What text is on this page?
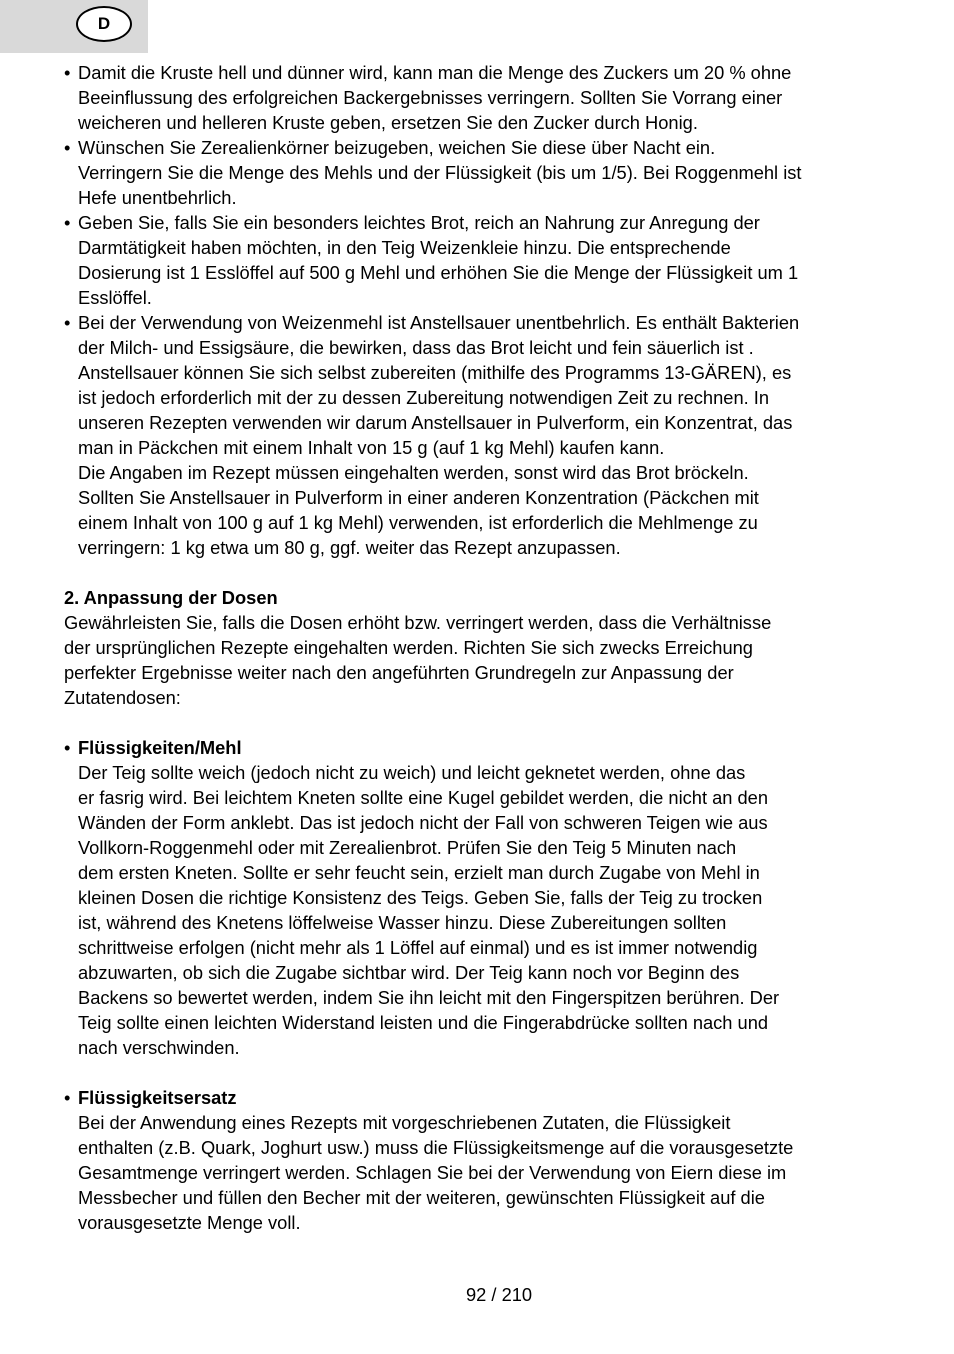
D
• Damit die Kruste hell und dünner wird, kann man die Menge des Zuckers um 20 % ohne
Beeinflussung des erfolgreichen Backergebnisses verringern. Sollten Sie Vorrang einer
weicheren und helleren Kruste geben, ersetzen Sie den Zucker durch Honig.
• Wünschen Sie Zerealienkörner beizugeben, weichen Sie diese über Nacht ein.
Verringern Sie die Menge des Mehls und der Flüssigkeit (bis um 1/5). Bei Roggenmehl ist
Hefe unentbehrlich.
• Geben Sie, falls Sie ein besonders leichtes Brot, reich an Nahrung zur Anregung der
Darmtätigkeit haben möchten, in den Teig Weizenkleie hinzu. Die entsprechende
Dosierung ist 1 Esslöffel auf 500 g Mehl und erhöhen Sie die Menge der Flüssigkeit um 1
Esslöffel.
• Bei der Verwendung von Weizenmehl ist Anstellsauer unentbehrlich. Es enthält Bakterien
der Milch- und Essigsäure, die bewirken, dass das Brot leicht und fein säuerlich ist .
Anstellsauer können Sie sich selbst zubereiten (mithilfe des Programms 13-GÄREN), es
ist jedoch erforderlich mit der zu dessen Zubereitung notwendigen Zeit zu rechnen. In
unseren Rezepten verwenden wir darum Anstellsauer in Pulverform, ein Konzentrat, das
man in Päckchen mit einem Inhalt von 15 g (auf 1 kg Mehl) kaufen kann.
Die Angaben im Rezept müssen eingehalten werden, sonst wird das Brot bröckeln.
Sollten Sie Anstellsauer in Pulverform in einer anderen Konzentration (Päckchen mit
einem Inhalt von 100 g auf 1 kg Mehl) verwenden, ist erforderlich die Mehlmenge zu
verringern: 1 kg etwa um 80 g, ggf. weiter das Rezept anzupassen.
2. Anpassung der Dosen
Gewährleisten Sie, falls die Dosen erhöht bzw. verringert werden, dass die Verhältnisse
der ursprünglichen Rezepte eingehalten werden. Richten Sie sich zwecks Erreichung
perfekter Ergebnisse weiter nach den angeführten Grundregeln zur Anpassung der
Zutatendosen:
• Flüssigkeiten/Mehl
Der Teig sollte weich (jedoch nicht zu weich) und leicht geknetet werden, ohne das
er fasrig wird. Bei leichtem Kneten sollte eine Kugel gebildet werden, die nicht an den
Wänden der Form anklebt. Das ist jedoch nicht der Fall von schweren Teigen wie aus
Vollkorn-Roggenmehl oder mit Zerealienbrot. Prüfen Sie den Teig 5 Minuten nach
dem ersten Kneten. Sollte er sehr feucht sein, erzielt man durch Zugabe von Mehl in
kleinen Dosen die richtige Konsistenz des Teigs. Geben Sie, falls der Teig zu trocken
ist, während des Knetens löffelweise Wasser hinzu. Diese Zubereitungen sollten
schrittweise erfolgen (nicht mehr als 1 Löffel auf einmal) und es ist immer notwendig
abzuwarten, ob sich die Zugabe sichtbar wird. Der Teig kann noch vor Beginn des
Backens so bewertet werden, indem Sie ihn leicht mit den Fingerspitzen berühren. Der
Teig sollte einen leichten Widerstand leisten und die Fingerabdrücke sollten nach und
nach verschwinden.
• Flüssigkeitsersatz
Bei der Anwendung eines Rezepts mit vorgeschriebenen Zutaten, die Flüssigkeit
enthalten (z.B. Quark, Joghurt usw.) muss die Flüssigkeitsmenge auf die vorausgesetzte
Gesamtmenge verringert werden. Schlagen Sie bei der Verwendung von Eiern diese im
Messbecher und füllen den Becher mit der weiteren, gewünschten Flüssigkeit auf die
vorausgesetzte Menge voll.
92 / 210
